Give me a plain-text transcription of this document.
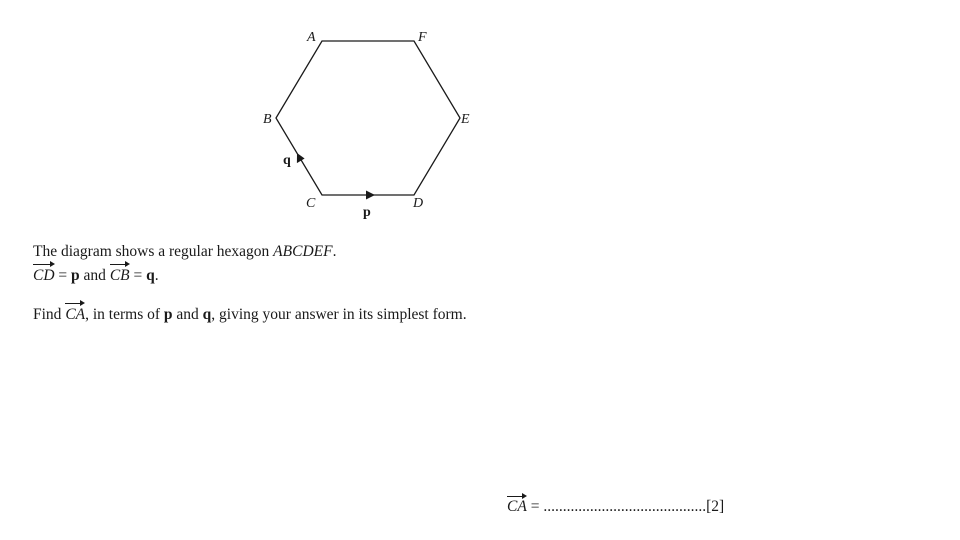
A	F
B	E
C	D
p
q
The diagram shows a regular hexagon ABCDEF.
CD = p and
CB = q.
Find
CA, in terms of p and q, giving your answer in its simplest form.
CA = ..........................................[2]
